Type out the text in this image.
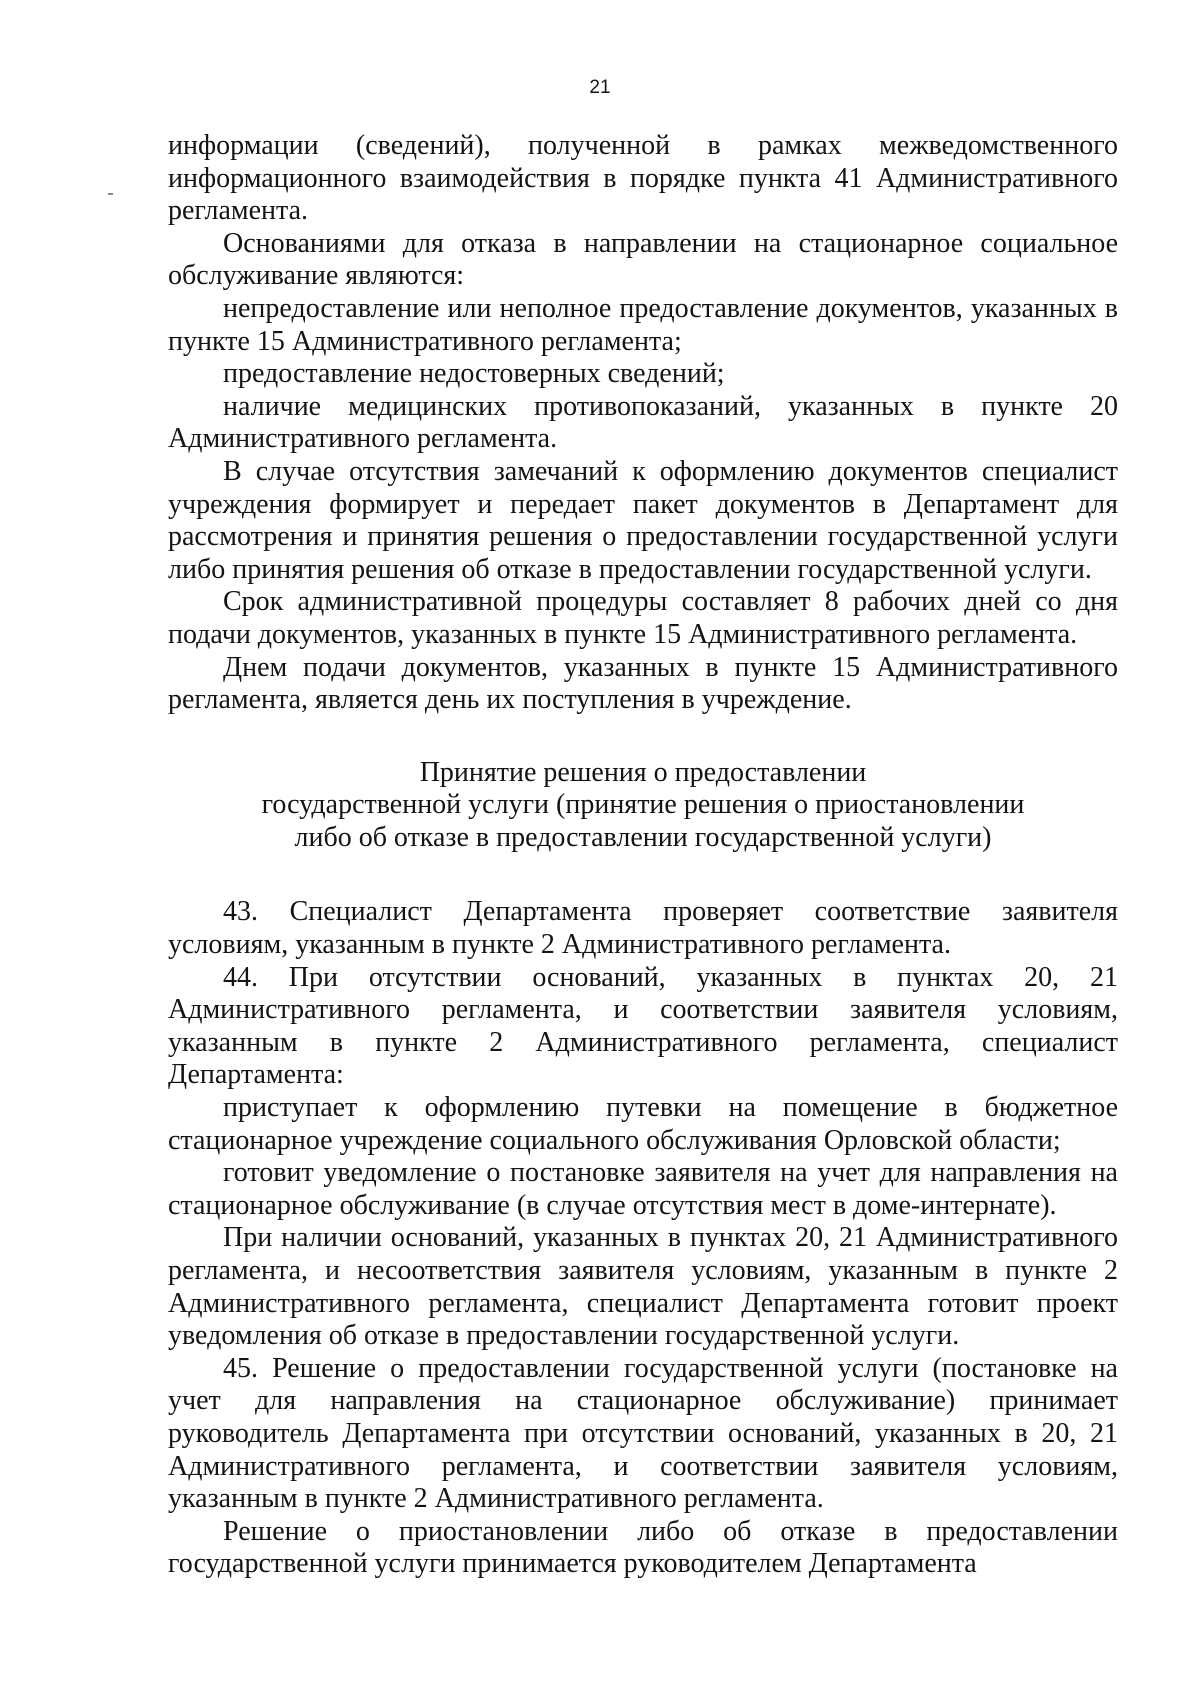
21

информации (сведений), полученной в рамках межведомственного информационного взаимодействия в порядке пункта 41 Административного регламента.

Основаниями для отказа в направлении на стационарное социальное обслуживание являются:

непредоставление или неполное предоставление документов, указанных в пункте 15 Административного регламента;

предоставление недостоверных сведений;

наличие медицинских противопоказаний, указанных в пункте 20 Административного регламента.

В случае отсутствия замечаний к оформлению документов специалист учреждения формирует и передает пакет документов в Департамент для рассмотрения и принятия решения о предоставлении государственной услуги либо принятия решения об отказе в предоставлении государственной услуги.

Срок административной процедуры составляет 8 рабочих дней со дня подачи документов, указанных в пункте 15 Административного регламента.

Днем подачи документов, указанных в пункте 15 Административного регламента, является день их поступления в учреждение.

Принятие решения о предоставлении
государственной услуги (принятие решения о приостановлении
либо об отказе в предоставлении государственной услуги)

43. Специалист Департамента проверяет соответствие заявителя условиям, указанным в пункте 2 Административного регламента.

44. При отсутствии оснований, указанных в пунктах 20, 21 Административного регламента, и соответствии заявителя условиям, указанным в пункте 2 Административного регламента, специалист Департамента:

приступает к оформлению путевки на помещение в бюджетное стационарное учреждение социального обслуживания Орловской области;

готовит уведомление о постановке заявителя на учет для направления на стационарное обслуживание (в случае отсутствия мест в доме-интернате).

При наличии оснований, указанных в пунктах 20, 21 Административного регламента, и несоответствия заявителя условиям, указанным в пункте 2 Административного регламента, специалист Департамента готовит проект уведомления об отказе в предоставлении государственной услуги.

45. Решение о предоставлении государственной услуги (постановке на учет для направления на стационарное обслуживание) принимает руководитель Департамента при отсутствии оснований, указанных в 20, 21 Административного регламента, и соответствии заявителя условиям, указанным в пункте 2 Административного регламента.

Решение о приостановлении либо об отказе в предоставлении государственной услуги принимается руководителем Департамента
